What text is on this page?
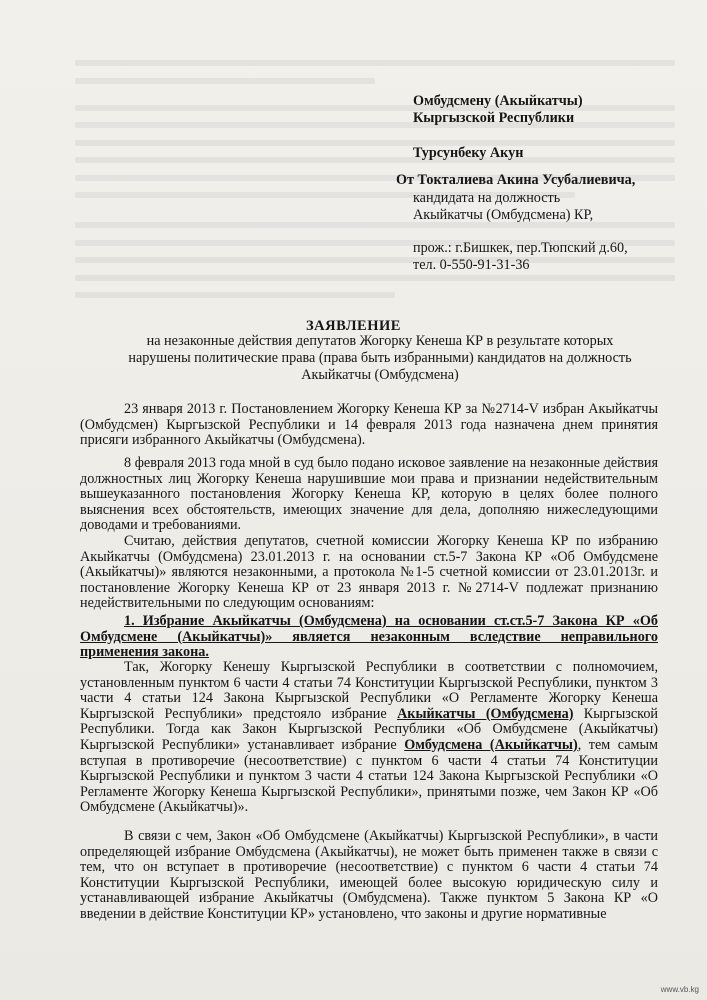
Омбудсмену (Акыйкатчы)
Кыргызской Республики
Турсунбеку Акун
От Токталиева Акина Усубалиевича,
кандидата на должность
Акыйкатчы (Омбудсмена) КР,
прож.: г.Бишкек, пер.Тюпский д.60,
тел. 0-550-91-31-36
ЗАЯВЛЕНИЕ
на незаконные действия депутатов Жогорку Кенеша КР в результате которых нарушены политические права (права быть избранными) кандидатов на должность Акыйкатчы (Омбудсмена)

23 января 2013 г. Постановлением Жогорку Кенеша КР за №2714-V избран Акыйкатчы (Омбудсмен) Кыргызской Республики и 14 февраля 2013 года назначена днем принятия присяги избранного Акыйкатчы (Омбудсмена).

8 февраля 2013 года мной в суд было подано исковое заявление на незаконные действия должностных лиц Жогорку Кенеша нарушившие мои права и признании недействительным вышеуказанного постановления Жогорку Кенеша КР, которую в целях более полного выяснения всех обстоятельств, имеющих значение для дела, дополняю нижеследующими доводами и требованиями.

Считаю, действия депутатов, счетной комиссии Жогорку Кенеша КР по избранию Акыйкатчы (Омбудсмена) 23.01.2013 г. на основании ст.5-7 Закона КР «Об Омбудсмене (Акыйкатчы)» являются незаконными, а протокола №1-5 счетной комиссии от 23.01.2013г. и постановление Жогорку Кенеша КР от 23 января 2013 г. №2714-V подлежат признанию недействительными по следующим основаниям:

1. Избрание Акыйкатчы (Омбудсмена) на основании ст.ст.5-7 Закона КР «Об Омбудсмене (Акыйкатчы)» является незаконным вследствие неправильного применения закона.

Так, Жогорку Кенешу Кыргызской Республики в соответствии с полномочием, установленным пунктом 6 части 4 статьи 74 Конституции Кыргызской Республики, пунктом 3 части 4 статьи 124 Закона Кыргызской Республики «О Регламенте Жогорку Кенеша Кыргызской Республики» предстояло избрание Акыйкатчы (Омбудсмена) Кыргызской Республики. Тогда как Закон Кыргызской Республики «Об Омбудсмене (Акыйкатчы) Кыргызской Республики» устанавливает избрание Омбудсмена (Акыйкатчы), тем самым вступая в противоречие (несоответствие) с пунктом 6 части 4 статьи 74 Конституции Кыргызской Республики и пунктом 3 части 4 статьи 124 Закона Кыргызской Республики «О Регламенте Жогорку Кенеша Кыргызской Республики», принятыми позже, чем Закон КР «Об Омбудсмене (Акыйкатчы)».

В связи с чем, Закон «Об Омбудсмене (Акыйкатчы) Кыргызской Республики», в части определяющей избрание Омбудсмена (Акыйкатчы), не может быть применен также в связи с тем, что он вступает в противоречие (несоответствие) с пунктом 6 части 4 статьи 74 Конституции Кыргызской Республики, имеющей более высокую юридическую силу и устанавливающей избрание Акыйкатчы (Омбудсмена). Также пунктом 5 Закона КР «О введении в действие Конституции КР» установлено, что законы и другие нормативные

www.vb.kg
